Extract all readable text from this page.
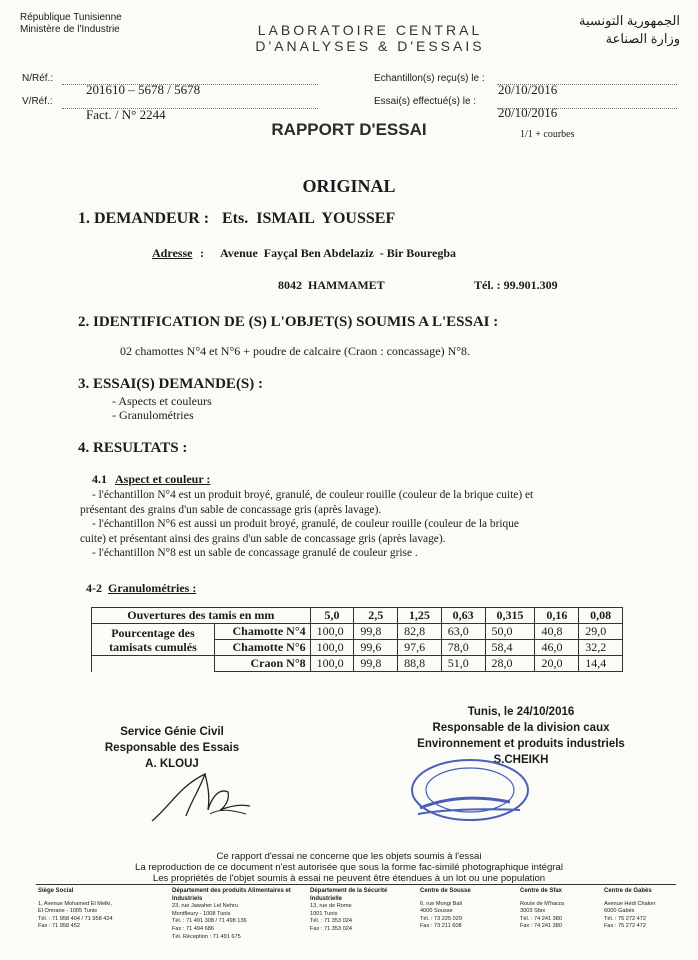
République Tunisienne
Ministère de l'Industrie	LABORATOIRE CENTRAL
D'ANALYSES & D'ESSAIS
الجمهورية التونسية
وزارة الصناعة
N/Réf.:
201610 – 5678 / 5678
V/Réf.:
Fact. / N° 2244
Echantillon(s) reçu(s) le :
20/10/2016
Essai(s) effectué(s) le :
20/10/2016
1/1 + courbes
RAPPORT D'ESSAI
ORIGINAL
1. DEMANDEUR : Ets.  ISMAIL  YOUSSEF
Adresse : Avenue  Fayçal Ben Abdelaziz  - Bir Bouregba
8042  HAMMAMET	Tél. : 99.901.309
2. IDENTIFICATION DE (S) L'OBJET(S) SOUMIS A L'ESSAI :
02 chamottes N°4 et N°6 + poudre de calcaire (Craon : concassage) N°8.
3. ESSAI(S) DEMANDE(S) :
- Aspects et couleurs
- Granulométries
4. RESULTATS :
4.1 Aspect et couleur :
- l'échantillon N°4 est un produit broyé, granulé, de couleur rouille (couleur de la brique cuite) et
présentant des grains d'un sable de concassage gris (après lavage).
- l'échantillon N°6 est aussi un produit broyé, granulé, de couleur rouille (couleur de la brique
cuite) et présentant ainsi des grains d'un sable de concassage gris (après lavage).
- l'échantillon N°8 est un sable de concassage granulé de couleur grise .
4-2 Granulométries :
Ouvertures des tamis en mm		5,0	2,5	1,25	0,63	0,315	0,16	0,08
Pourcentage des tamisats cumulés	Chamotte N°4	100,0	99,8	82,8	63,0	50,0	40,8	29,0
	Chamotte N°6	100,0	99,6	97,6	78,0	58,4	46,0	32,2
	Craon N°8	100,0	99,8	88,8	51,0	28,0	20,0	14,4
Service Génie Civil
Responsable des Essais
A. KLOUJ
Tunis, le 24/10/2016
Responsable de la division caux
Environnement et produits industriels
S.CHEIKH
Ce rapport d'essai ne concerne que les objets soumis à l'essai
La reproduction de ce document n'est autorisée que sous la forme fac-similé photographique intégral
Les propriétés de l'objet soumis à essai ne peuvent être étendues à un lot ou une population
Siège Social
1, Avenue Mohamed El Melki,
El Omrane - 1005 Tunis
Tél. : 71 958 404 / 71 958 424
Fax : 71 958 452
Département des produits Alimentaires et Industriels
23, rue Jawaher Lel Nehru
Montfleury - 1008 Tunis
Tél. : 71 491 308 / 71 498 136
Fax : 71 494 686
Tél. Réception : 71 491 675
Département de la Sécurité Industrielle
13, rue de Rome
1001 Tunis
Tél. : 71 353 024
Fax : 71 353 024
Centre de Sousse
6, rue Mongi Bali
4000 Sousse
Tél. : 73 225 029
Fax : 73 211 608
Centre de Sfax
Route de M'harza
3003 Sfax
Tél. : 74 241 380
Fax : 74 241 380
Centre de Gabès
Avenue Hédi Chaker
6000 Gabès
Tél. : 75 272 472
Fax : 75 272 472
